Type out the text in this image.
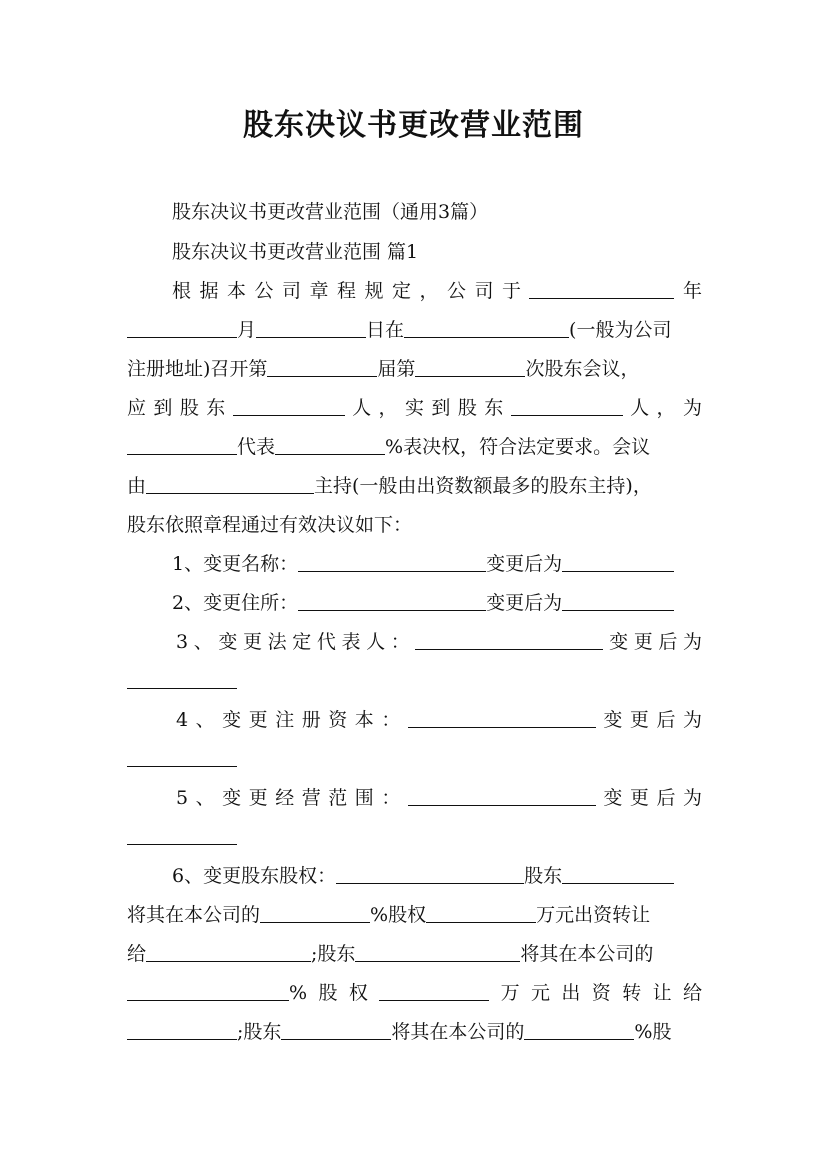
股东决议书更改营业范围
股东决议书更改营业范围（通用3篇）
股东决议书更改营业范围 篇1
根据本公司章程规定，公司于	年
月	日在	(一般为公司
注册地址)召开第	届第	次股东会议，
应到股东	人，实到股东	人，为
代表	%表决权，符合法定要求。会议
由	主持(一般由出资数额最多的股东主持)，
股东依照章程通过有效决议如下：
1、变更名称：	变更后为
2、变更住所：	变更后为
3、变更法定代表人：	变更后为
4、变更注册资本：	变更后为
5、变更经营范围：	变更后为
6、变更股东股权：	股东
将其在本公司的	%股权	万元出资转让
给	;股东	将其在本公司的
%股权	万元出资转让给
;股东	将其在本公司的	%股
